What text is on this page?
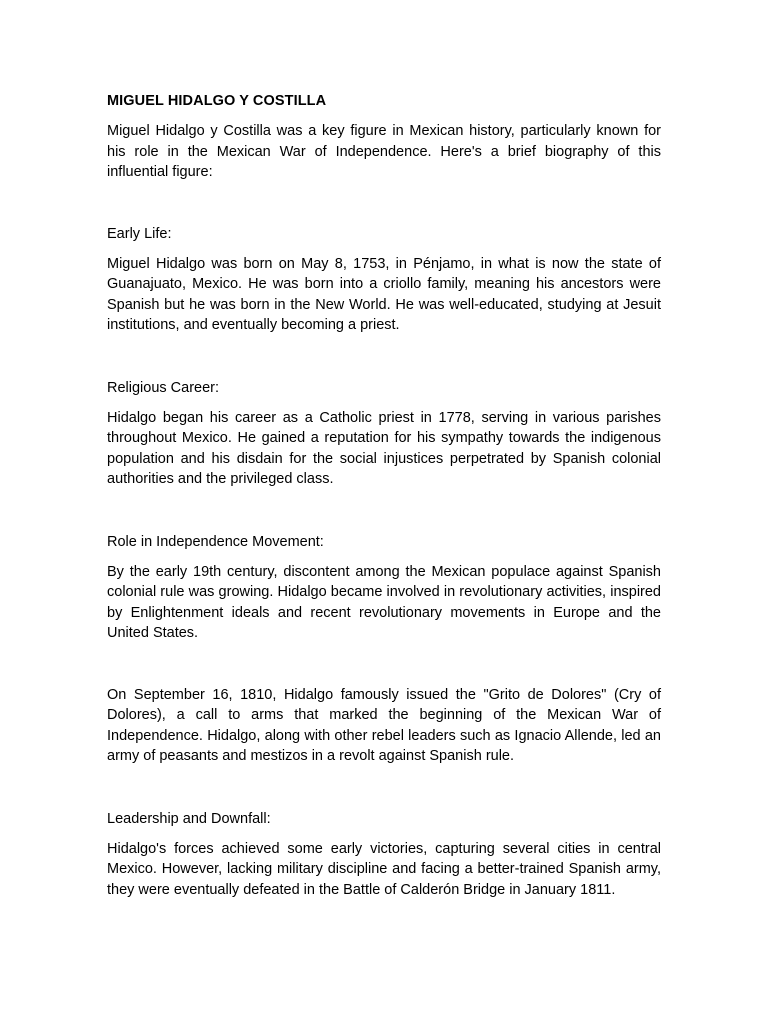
MIGUEL HIDALGO Y COSTILLA

Miguel Hidalgo y Costilla was a key figure in Mexican history, particularly known for his role in the Mexican War of Independence. Here's a brief biography of this influential figure:

Early Life:

Miguel Hidalgo was born on May 8, 1753, in Pénjamo, in what is now the state of Guanajuato, Mexico. He was born into a criollo family, meaning his ancestors were Spanish but he was born in the New World. He was well-educated, studying at Jesuit institutions, and eventually becoming a priest.

Religious Career:

Hidalgo began his career as a Catholic priest in 1778, serving in various parishes throughout Mexico. He gained a reputation for his sympathy towards the indigenous population and his disdain for the social injustices perpetrated by Spanish colonial authorities and the privileged class.

Role in Independence Movement:

By the early 19th century, discontent among the Mexican populace against Spanish colonial rule was growing. Hidalgo became involved in revolutionary activities, inspired by Enlightenment ideals and recent revolutionary movements in Europe and the United States.

On September 16, 1810, Hidalgo famously issued the "Grito de Dolores" (Cry of Dolores), a call to arms that marked the beginning of the Mexican War of Independence. Hidalgo, along with other rebel leaders such as Ignacio Allende, led an army of peasants and mestizos in a revolt against Spanish rule.

Leadership and Downfall:

Hidalgo's forces achieved some early victories, capturing several cities in central Mexico. However, lacking military discipline and facing a better-trained Spanish army, they were eventually defeated in the Battle of Calderón Bridge in January 1811.
